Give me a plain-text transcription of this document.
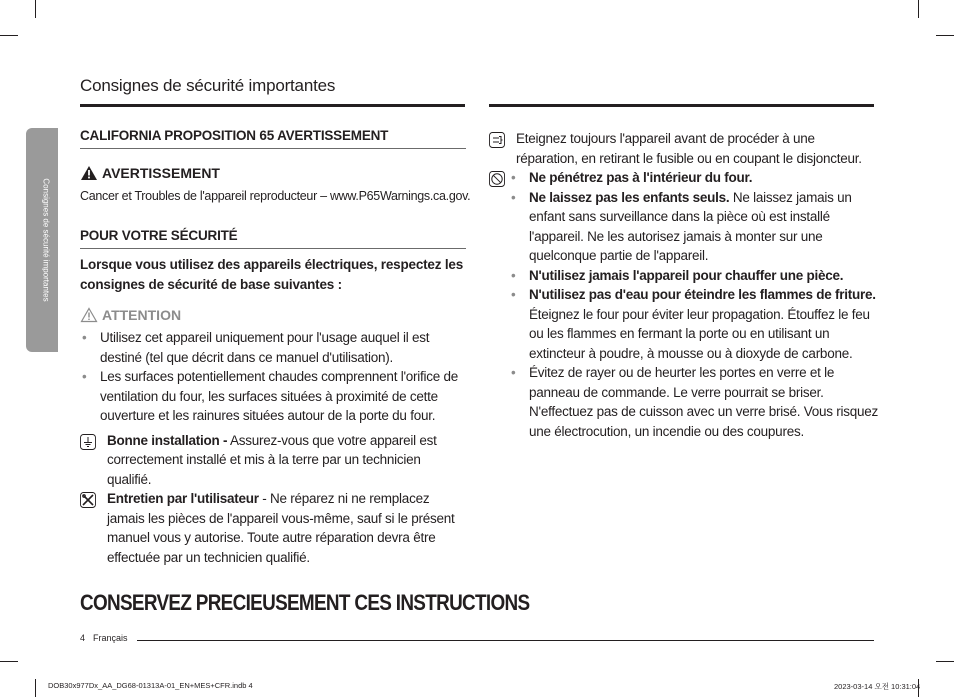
Consignes de sécurité importantes
Consignes de sécurité importantes
CALIFORNIA PROPOSITION 65 AVERTISSEMENT
AVERTISSEMENT
Cancer et Troubles de l'appareil reproducteur – www.P65Warnings.ca.gov.
POUR VOTRE SÉCURITÉ
Lorsque vous utilisez des appareils électriques, respectez les consignes de sécurité de base suivantes :
ATTENTION
• Utilisez cet appareil uniquement pour l'usage auquel il est destiné (tel que décrit dans ce manuel d'utilisation).
• Les surfaces potentiellement chaudes comprennent l'orifice de ventilation du four, les surfaces situées à proximité de cette ouverture et les rainures situées autour de la porte du four.
Bonne installation - Assurez-vous que votre appareil est correctement installé et mis à la terre par un technicien qualifié.
Entretien par l'utilisateur - Ne réparez ni ne remplacez jamais les pièces de l'appareil vous-même, sauf si le présent manuel vous y autorise. Toute autre réparation devra être effectuée par un technicien qualifié.
Eteignez toujours l'appareil avant de procéder à une réparation, en retirant le fusible ou en coupant le disjoncteur.
• Ne pénétrez pas à l'intérieur du four.
• Ne laissez pas les enfants seuls. Ne laissez jamais un enfant sans surveillance dans la pièce où est installé l'appareil. Ne les autorisez jamais à monter sur une quelconque partie de l'appareil.
• N'utilisez jamais l'appareil pour chauffer une pièce.
• N'utilisez pas d'eau pour éteindre les flammes de friture. Éteignez le four pour éviter leur propagation. Étouffez le feu ou les flammes en fermant la porte ou en utilisant un extincteur à poudre, à mousse ou à dioxyde de carbone.
• Évitez de rayer ou de heurter les portes en verre et le panneau de commande. Le verre pourrait se briser. N'effectuez pas de cuisson avec un verre brisé. Vous risquez une électrocution, un incendie ou des coupures.
CONSERVEZ PRECIEUSEMENT CES INSTRUCTIONS
4 Français
DOB30x977Dx_AA_DG68-01313A-01_EN+MES+CFR.indb 4	2023-03-14 오전 10:31:04
